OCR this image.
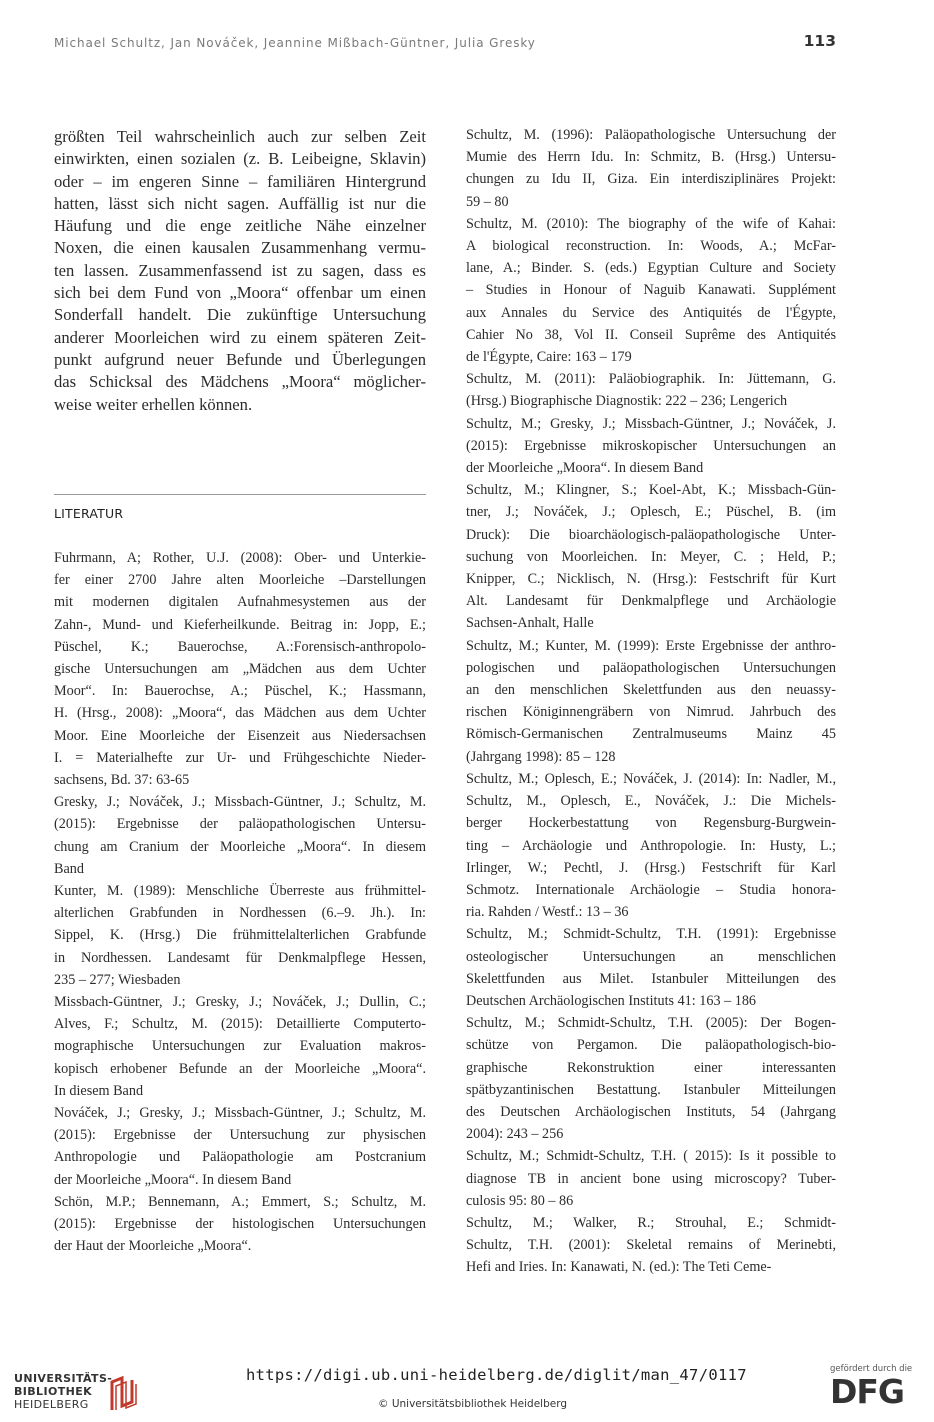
Michael Schultz, Jan Nováček, Jeannine Mißbach-Güntner, Julia Gresky	113

größten Teil wahrscheinlich auch zur selben Zeit
einwirkten, einen sozialen (z. B. Leibeigne, Sklavin)
oder – im engeren Sinne – familiären Hintergrund
hatten, lässt sich nicht sagen. Auffällig ist nur die
Häufung und die enge zeitliche Nähe einzelner
Noxen, die einen kausalen Zusammenhang vermu-
ten lassen. Zusammenfassend ist zu sagen, dass es
sich bei dem Fund von „Moora“ offenbar um einen
Sonderfall handelt. Die zukünftige Untersuchung
anderer Moorleichen wird zu einem späteren Zeit-
punkt aufgrund neuer Befunde und Überlegungen
das Schicksal des Mädchens „Moora“ möglicher-
weise weiter erhellen können.

LITERATUR
Fuhrmann, A; Rother, U.J. (2008): Ober- und Unterkie-
fer einer 2700 Jahre alten Moorleiche –Darstellungen
mit modernen digitalen Aufnahmesystemen aus der
Zahn-, Mund- und Kieferheilkunde. Beitrag in: Jopp, E.;
Püschel, K.; Bauerochse, A.:Forensisch-anthropolo-
gische Untersuchungen am „Mädchen aus dem Uchter
Moor“. In: Bauerochse, A.; Püschel, K.; Hassmann,
H. (Hrsg., 2008): „Moora“, das Mädchen aus dem Uchter
Moor. Eine Moorleiche der Eisenzeit aus Niedersachsen
I. = Materialhefte zur Ur- und Frühgeschichte Nieder-
sachsens, Bd. 37: 63-65
Gresky, J.; Nováček, J.; Missbach-Güntner, J.; Schultz, M.
(2015): Ergebnisse der paläopathologischen Untersu-
chung am Cranium der Moorleiche „Moora“. In diesem
Band
Kunter, M. (1989): Menschliche Überreste aus frühmittel-
alterlichen Grabfunden in Nordhessen (6.–9. Jh.). In:
Sippel, K. (Hrsg.) Die frühmittelalterlichen Grabfunde
in Nordhessen. Landesamt für Denkmalpflege Hessen,
235 – 277; Wiesbaden
Missbach-Güntner, J.; Gresky, J.; Nováček, J.; Dullin, C.;
Alves, F.; Schultz, M. (2015): Detaillierte Computerto-
mographische Untersuchungen zur Evaluation makros-
kopisch erhobener Befunde an der Moorleiche „Moora“.
In diesem Band
Nováček, J.; Gresky, J.; Missbach-Güntner, J.; Schultz, M.
(2015): Ergebnisse der Untersuchung zur physischen
Anthropologie und Paläopathologie am Postcranium
der Moorleiche „Moora“. In diesem Band
Schön, M.P.; Bennemann, A.; Emmert, S.; Schultz, M.
(2015): Ergebnisse der histologischen Untersuchungen
der Haut der Moorleiche „Moora“.
Schultz, M. (1996): Paläopathologische Untersuchung der
Mumie des Herrn Idu. In: Schmitz, B. (Hrsg.) Untersu-
chungen zu Idu II, Giza. Ein interdisziplinäres Projekt:
59 – 80
Schultz, M. (2010): The biography of the wife of Kahai:
A biological reconstruction. In: Woods, A.; McFar-
lane, A.; Binder. S. (eds.) Egyptian Culture and Society
– Studies in Honour of Naguib Kanawati. Supplément
aux Annales du Service des Antiquités de l'Égypte,
Cahier No 38, Vol II. Conseil Suprême des Antiquités
de l'Égypte, Caire: 163 – 179
Schultz, M. (2011): Paläobiographik. In: Jüttemann, G.
(Hrsg.) Biographische Diagnostik: 222 – 236; Lengerich
Schultz, M.; Gresky, J.; Missbach-Güntner, J.; Nováček, J.
(2015): Ergebnisse mikroskopischer Untersuchungen an
der Moorleiche „Moora“. In diesem Band
Schultz, M.; Klingner, S.; Koel-Abt, K.; Missbach-Gün-
tner, J.; Nováček, J.; Oplesch, E.; Püschel, B. (im
Druck): Die bioarchäologisch-paläopathologische Unter-
suchung von Moorleichen. In: Meyer, C. ; Held, P.;
Knipper, C.; Nicklisch, N. (Hrsg.): Festschrift für Kurt
Alt. Landesamt für Denkmalpflege und Archäologie
Sachsen-Anhalt, Halle
Schultz, M.; Kunter, M. (1999): Erste Ergebnisse der anthro-
pologischen und paläopathologischen Untersuchungen
an den menschlichen Skelettfunden aus den neuassy-
rischen Königinnengräbern von Nimrud. Jahrbuch des
Römisch-Germanischen Zentralmuseums Mainz 45
(Jahrgang 1998): 85 – 128
Schultz, M.; Oplesch, E.; Nováček, J. (2014): In: Nadler, M.,
Schultz, M., Oplesch, E., Nováček, J.: Die Michels-
berger Hockerbestattung von Regensburg-Burgwein-
ting – Archäologie und Anthropologie. In: Husty, L.;
Irlinger, W.; Pechtl, J. (Hrsg.) Festschrift für Karl
Schmotz. Internationale Archäologie – Studia honora-
ria. Rahden / Westf.: 13 – 36
Schultz, M.; Schmidt-Schultz, T.H. (1991): Ergebnisse
osteologischer Untersuchungen an menschlichen
Skelettfunden aus Milet. Istanbuler Mitteilungen des
Deutschen Archäologischen Instituts 41: 163 – 186
Schultz, M.; Schmidt-Schultz, T.H. (2005): Der Bogen-
schütze von Pergamon. Die paläopathologisch-bio-
graphische Rekonstruktion einer interessanten
spätbyzantinischen Bestattung. Istanbuler Mitteilungen
des Deutschen Archäologischen Instituts, 54 (Jahrgang
2004): 243 – 256
Schultz, M.; Schmidt-Schultz, T.H. ( 2015): Is it possible to
diagnose TB in ancient bone using microscopy? Tuber-
culosis 95: 80 – 86
Schultz, M.; Walker, R.; Strouhal, E.; Schmidt-
Schultz, T.H. (2001): Skeletal remains of Merinebti,
Hefi and Iries. In: Kanawati, N. (ed.): The Teti Ceme-
UNIVERSITÄTS-
BIBLIOTHEK
HEIDELBERG
https://digi.ub.uni-heidelberg.de/diglit/man_47/0117
© Universitätsbibliothek Heidelberg
gefördert durch die
DFG
